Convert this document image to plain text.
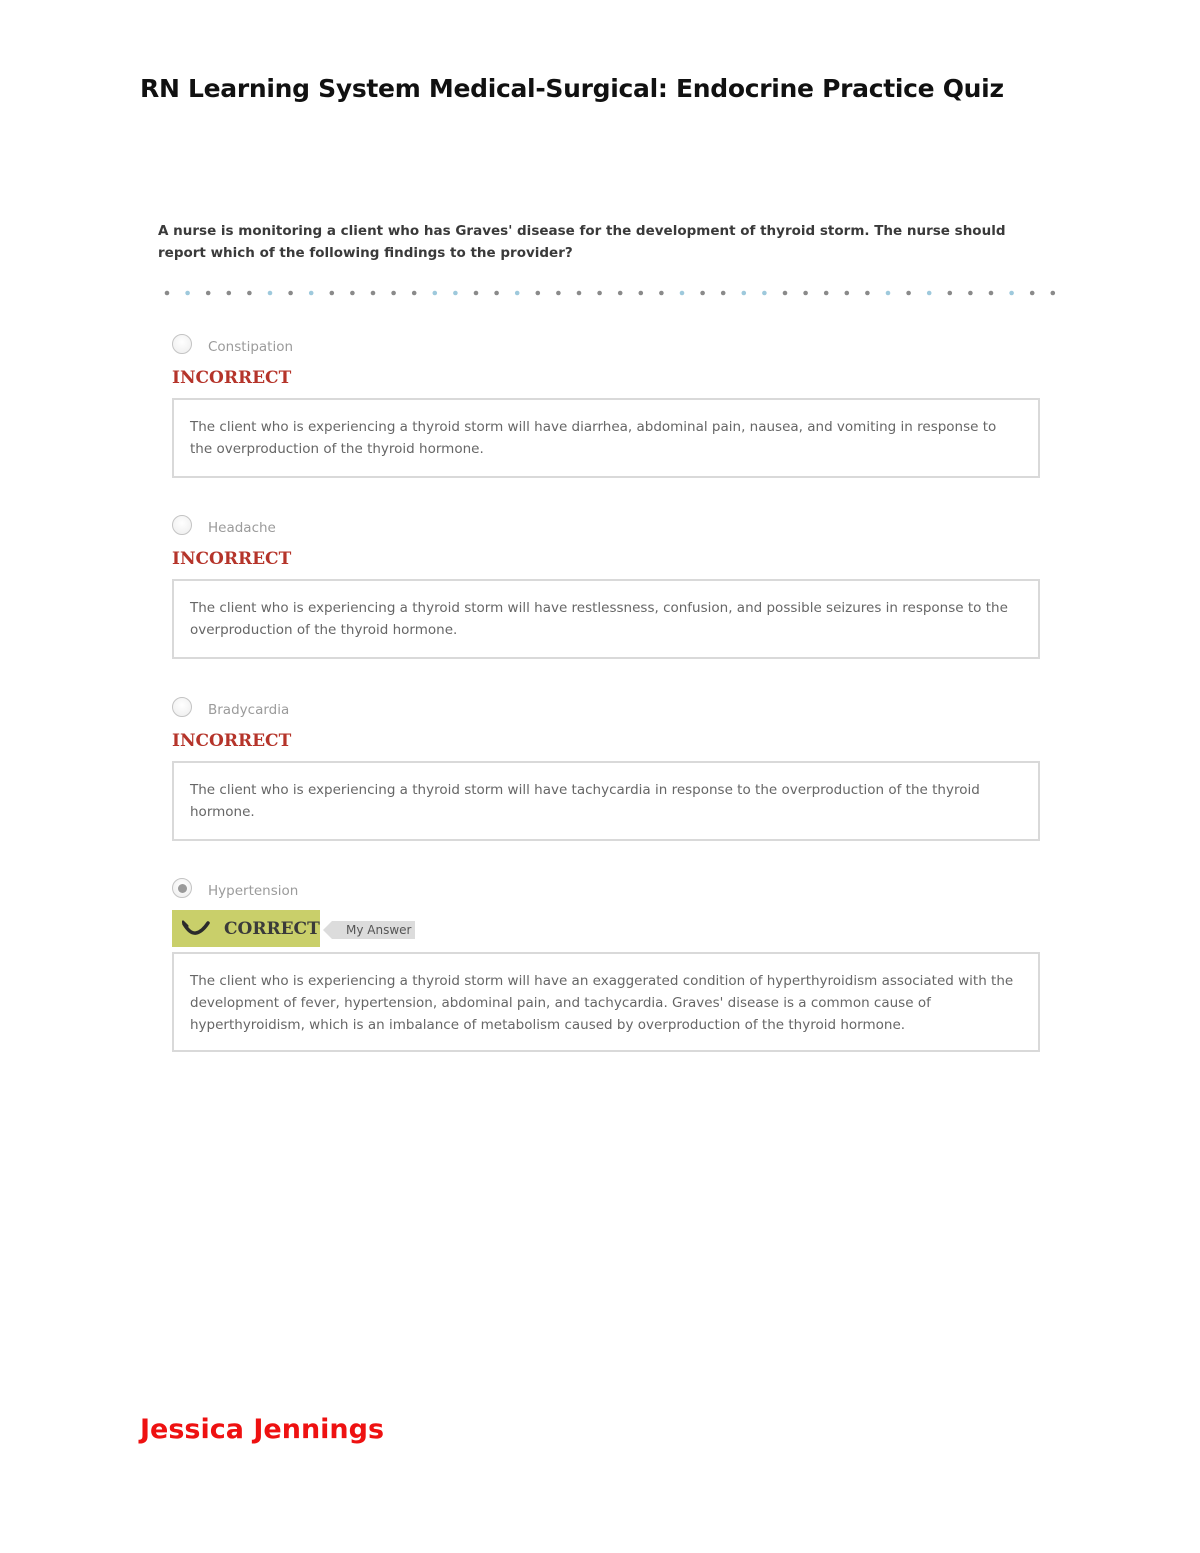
RN Learning System Medical-Surgical: Endocrine Practice Quiz
A nurse is monitoring a client who has Graves' disease for the development of thyroid storm. The nurse should report which of the following findings to the provider?
Constipation
INCORRECT
The client who is experiencing a thyroid storm will have diarrhea, abdominal pain, nausea, and vomiting in response to the overproduction of the thyroid hormone.
Headache
INCORRECT
The client who is experiencing a thyroid storm will have restlessness, confusion, and possible seizures in response to the overproduction of the thyroid hormone.
Bradycardia
INCORRECT
The client who is experiencing a thyroid storm will have tachycardia in response to the overproduction of the thyroid hormone.
Hypertension
CORRECT	My Answer
The client who is experiencing a thyroid storm will have an exaggerated condition of hyperthyroidism associated with the development of fever, hypertension, abdominal pain, and tachycardia. Graves' disease is a common cause of hyperthyroidism, which is an imbalance of metabolism caused by overproduction of the thyroid hormone.
Jessica Jennings
